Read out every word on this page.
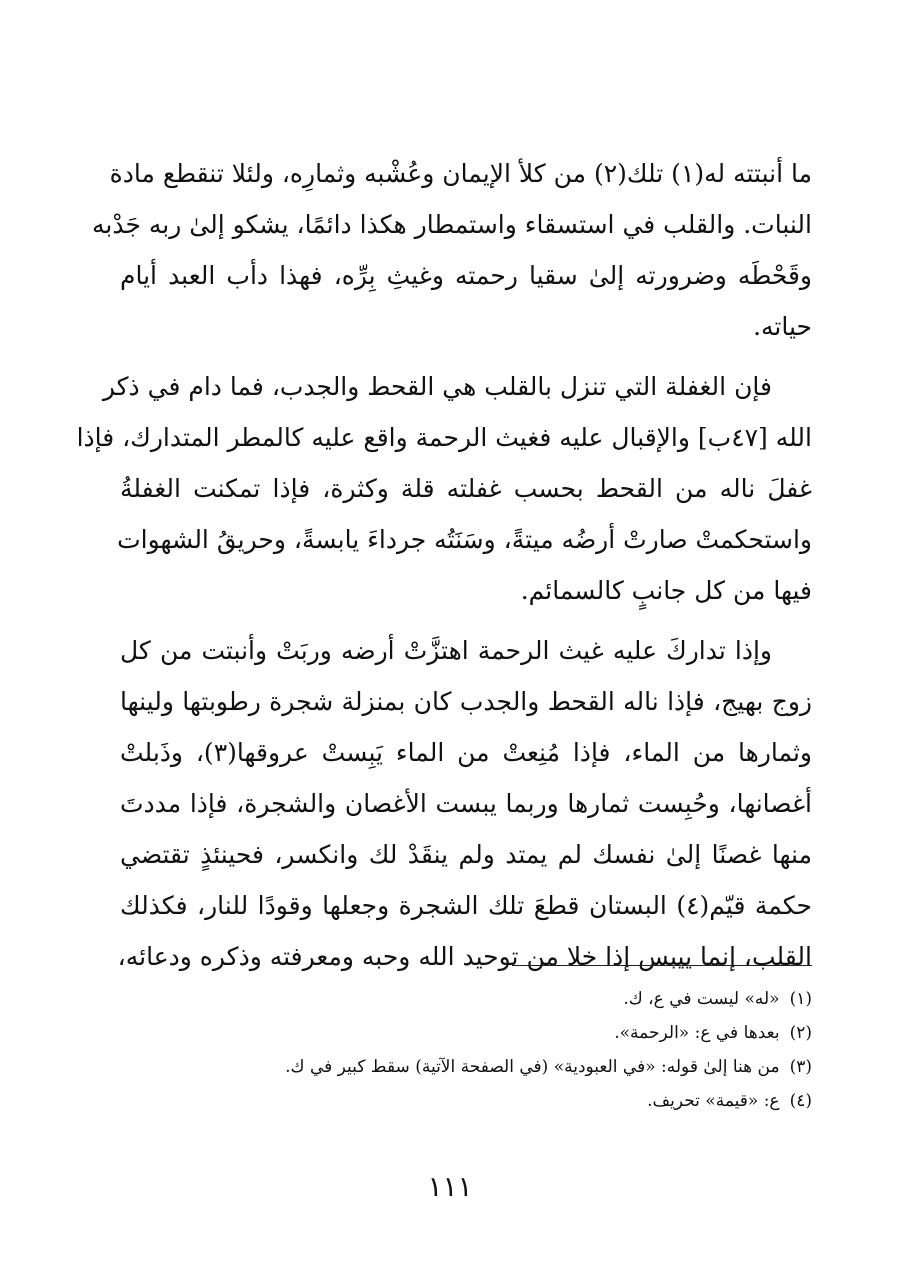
ما أنبتته له(١) تلك(٢) من كلأ الإيمان وعُشْبه وثمارِه، ولئلا تنقطع مادة
النبات. والقلب في استسقاء واستمطار هكذا دائمًا، يشكو إلىٰ ربه جَدْبه
وقَحْطَه وضرورته إلىٰ سقيا رحمته وغيثِ بِرِّه، فهذا دأب العبد أيام
حياته.
فإن الغفلة التي تنزل بالقلب هي القحط والجدب، فما دام في ذكر
الله [٤٧ب] والإقبال عليه فغيث الرحمة واقع عليه كالمطر المتدارك، فإذا
غفلَ ناله من القحط بحسب غفلته قلة وكثرة، فإذا تمكنت الغفلةُ
واستحكمتْ صارتْ أرضُه ميتةً، وسَنَتُه جرداءَ يابسةً، وحريقُ الشهوات
فيها من كل جانبٍ كالسمائم.
وإذا تداركَ عليه غيث الرحمة اهتزَّتْ أرضه وربَتْ وأنبتت من كل
زوج بهيج، فإذا ناله القحط والجدب كان بمنزلة شجرة رطوبتها ولينها
وثمارها من الماء، فإذا مُنِعتْ من الماء يَبِستْ عروقها(٣)، وذَبلتْ
أغصانها، وحُبِست ثمارها وربما يبست الأغصان والشجرة، فإذا مددتَ
منها غصنًا إلىٰ نفسك لم يمتد ولم ينقَدْ لك وانكسر، فحينئذٍ تقتضي
حكمة قيّم(٤) البستان قطعَ تلك الشجرة وجعلها وقودًا للنار، فكذلك
القلب، إنما ييبس إذا خلا من توحيد الله وحبه ومعرفته وذكره ودعائه،
(١)«له» ليست في ع، ك.
(٢)بعدها في ع: «الرحمة».
(٣)من هنا إلىٰ قوله: «في العبودية» (في الصفحة الآتية) سقط كبير في ك.
(٤)ع: «قيمة» تحريف.
١١١
